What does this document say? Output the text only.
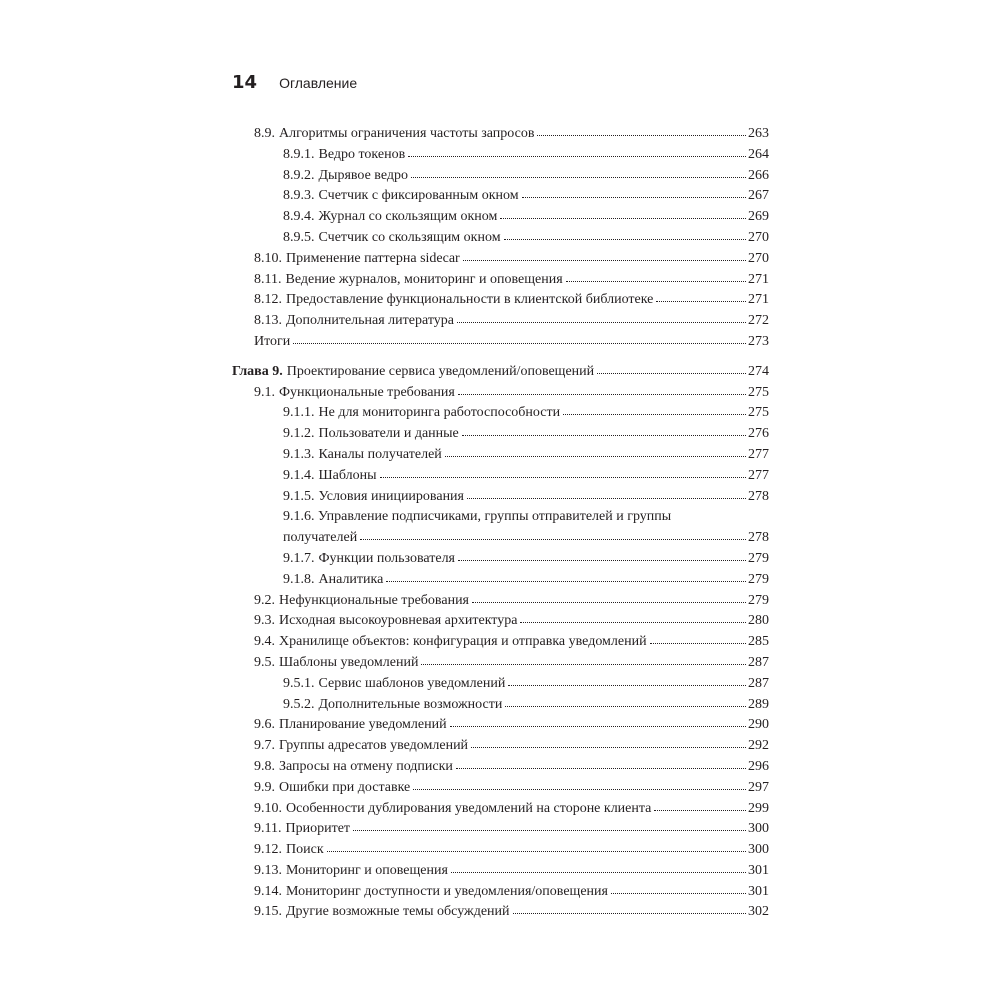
14 Оглавление
8.9. Алгоритмы ограничения частоты запросов	263
8.9.1. Ведро токенов	264
8.9.2. Дырявое ведро	266
8.9.3. Счетчик с фиксированным окном	267
8.9.4. Журнал со скользящим окном	269
8.9.5. Счетчик со скользящим окном	270
8.10. Применение паттерна sidecar	270
8.11. Ведение журналов, мониторинг и оповещения	271
8.12. Предоставление функциональности в клиентской библиотеке	271
8.13. Дополнительная литература	272
Итоги	273
Глава 9. Проектирование сервиса уведомлений/оповещений	274
9.1. Функциональные требования	275
9.1.1. Не для мониторинга работоспособности	275
9.1.2. Пользователи и данные	276
9.1.3. Каналы получателей	277
9.1.4. Шаблоны	277
9.1.5. Условия инициирования	278
9.1.6. Управление подписчиками, группы отправителей и группы
получателей	278
9.1.7. Функции пользователя	279
9.1.8. Аналитика	279
9.2. Нефункциональные требования	279
9.3. Исходная высокоуровневая архитектура	280
9.4. Хранилище объектов: конфигурация и отправка уведомлений	285
9.5. Шаблоны уведомлений	287
9.5.1. Сервис шаблонов уведомлений	287
9.5.2. Дополнительные возможности	289
9.6. Планирование уведомлений	290
9.7. Группы адресатов уведомлений	292
9.8. Запросы на отмену подписки	296
9.9. Ошибки при доставке	297
9.10. Особенности дублирования уведомлений на стороне клиента	299
9.11. Приоритет	300
9.12. Поиск	300
9.13. Мониторинг и оповещения	301
9.14. Мониторинг доступности и уведомления/оповещения	301
9.15. Другие возможные темы обсуждений	302
